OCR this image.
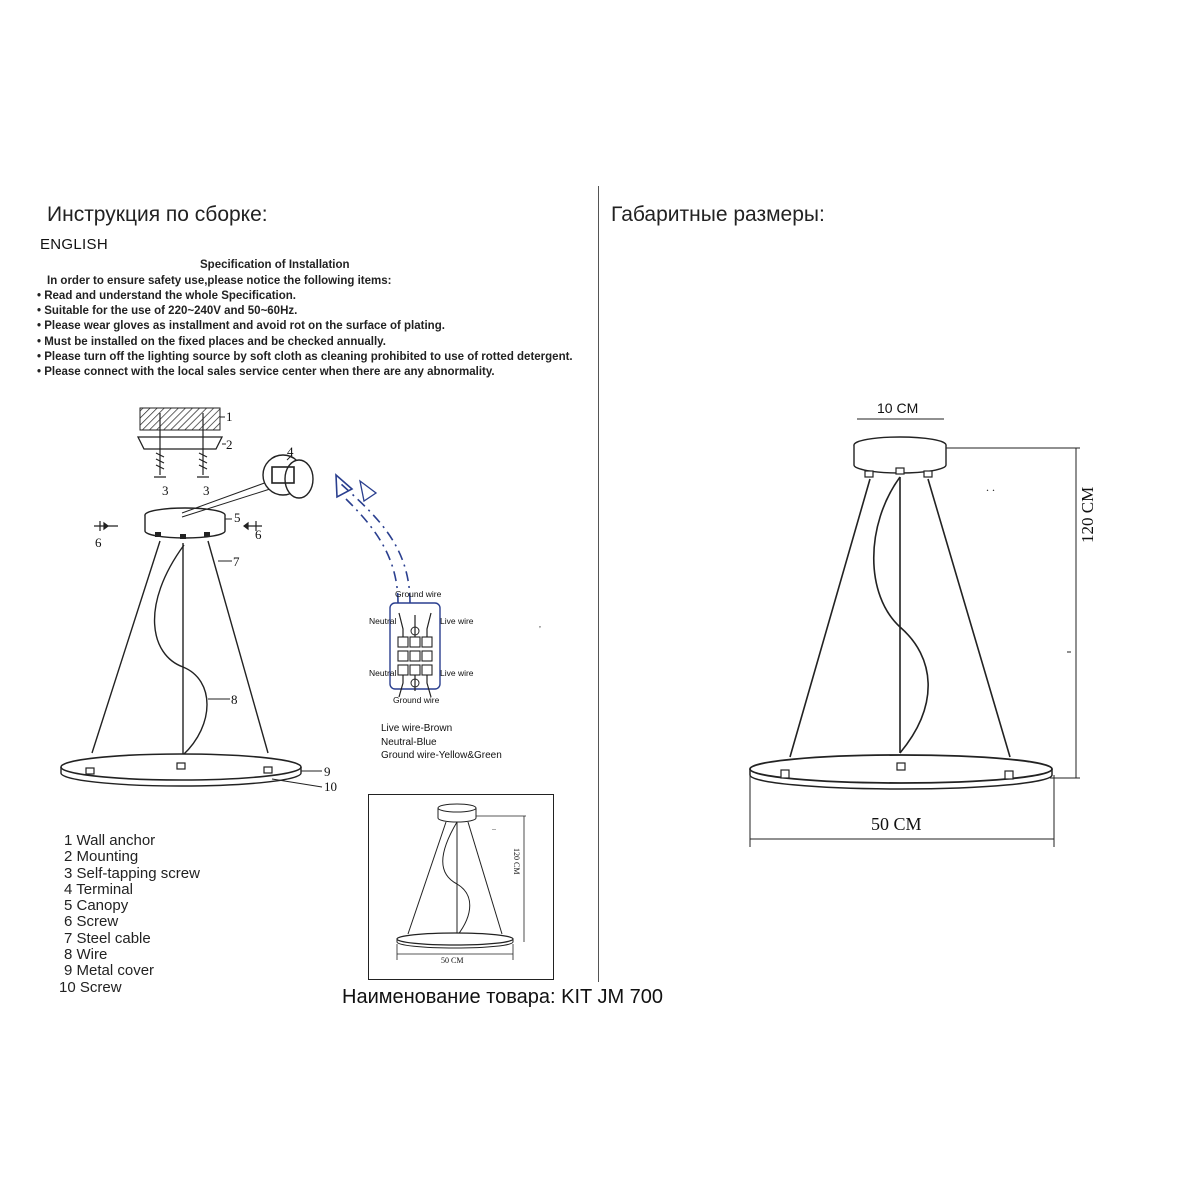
Инструкция по сборке:	Габаритные размеры:
ENGLISH
Specification of Installation
In order to ensure safety use,please notice the following items:
• Read and understand the whole Specification.
• Suitable for the use of 220~240V and 50~60Hz.
• Please wear gloves as installment and avoid rot on the surface of plating.
• Must be installed on the fixed places and be checked annually.
• Please turn off the lighting source by soft cloth as cleaning prohibited to use of rotted detergent.
• Please connect with the local sales service center when there are any abnormality.
,
1
2
3	3
4
5
6
6
7
8
9
10
Ground wire
Neutral	Live wire
Neutral	Live wire
Ground wire
Live wire-Brown
Neutral-Blue
Ground wire-Yellow&Green
1 Wall anchor
2 Mounting
3 Self-tapping screw
4 Terminal
5 Canopy
6 Screw
7 Steel cable
8 Wire
9 Metal cover
10 Screw
..
120 CM
50 CM
. .
10 CM
120 CM
50 CM
Наименование товара: KIT JM 700
